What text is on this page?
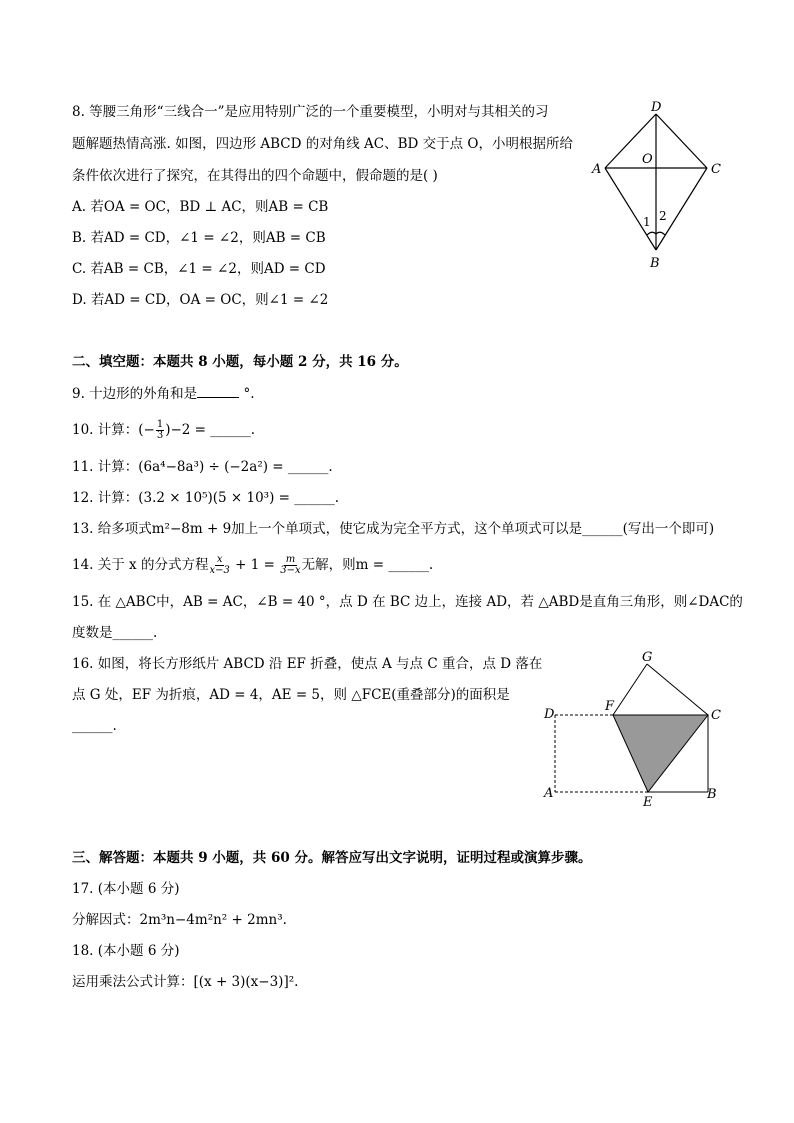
8. 等腰三角形“三线合一”是应用特别广泛的一个重要模型，小明对与其相关的习
题解题热情高涨. 如图，四边形 ABCD 的对角线 AC、BD 交于点 O，小明根据所给
条件依次进行了探究，在其得出的四个命题中，假命题的是( )
A. 若OA = OC，BD ⊥ AC，则AB = CB
B. 若AD = CD，∠1 = ∠2，则AB = CB
C. 若AB = CB，∠1 = ∠2，则AD = CD
D. 若AD = CD，OA = OC，则∠1 = ∠2
D
A	C
O
B
1 2
二、填空题：本题共 8 小题，每小题 2 分，共 16 分。
9. 十边形的外角和是	°.
10. 计算：(− $\frac{1}{3} )-2$ = ______.
11. 计算：(6a⁴−8a³) ÷ (−2a²) = ______.
12. 计算：(3.2 × 10⁵)(5 × 10³) = ______.
13. 给多项式m²−8m + 9加上一个单项式，使它成为完全平方式，这个单项式可以是______(写出一个即可)
14. 关于 x 的分式方程 $\frac{x}{x-3} + 1 = \frac{m}{3-x}$ 无解，则m = ______.
15. 在 △ABC中，AB = AC，∠B = 40 °，点 D 在 BC 边上，连接 AD，若 △ABD是直角三角形，则∠DAC的
度数是______.
16. 如图，将长方形纸片 ABCD 沿 EF 折叠，使点 A 与点 C 重合，点 D 落在
点 G 处，EF 为折痕，AD = 4，AE = 5，则 △FCE(重叠部分)的面积是
______.
G
D
F
C
A
E
B
三、解答题：本题共 9 小题，共 60 分。解答应写出文字说明，证明过程或演算步骤。
17. (本小题 6 分)
分解因式：2m³n−4m²n² + 2mn³.
18. (本小题 6 分)
运用乘法公式计算：[(x + 3)(x−3)]².
